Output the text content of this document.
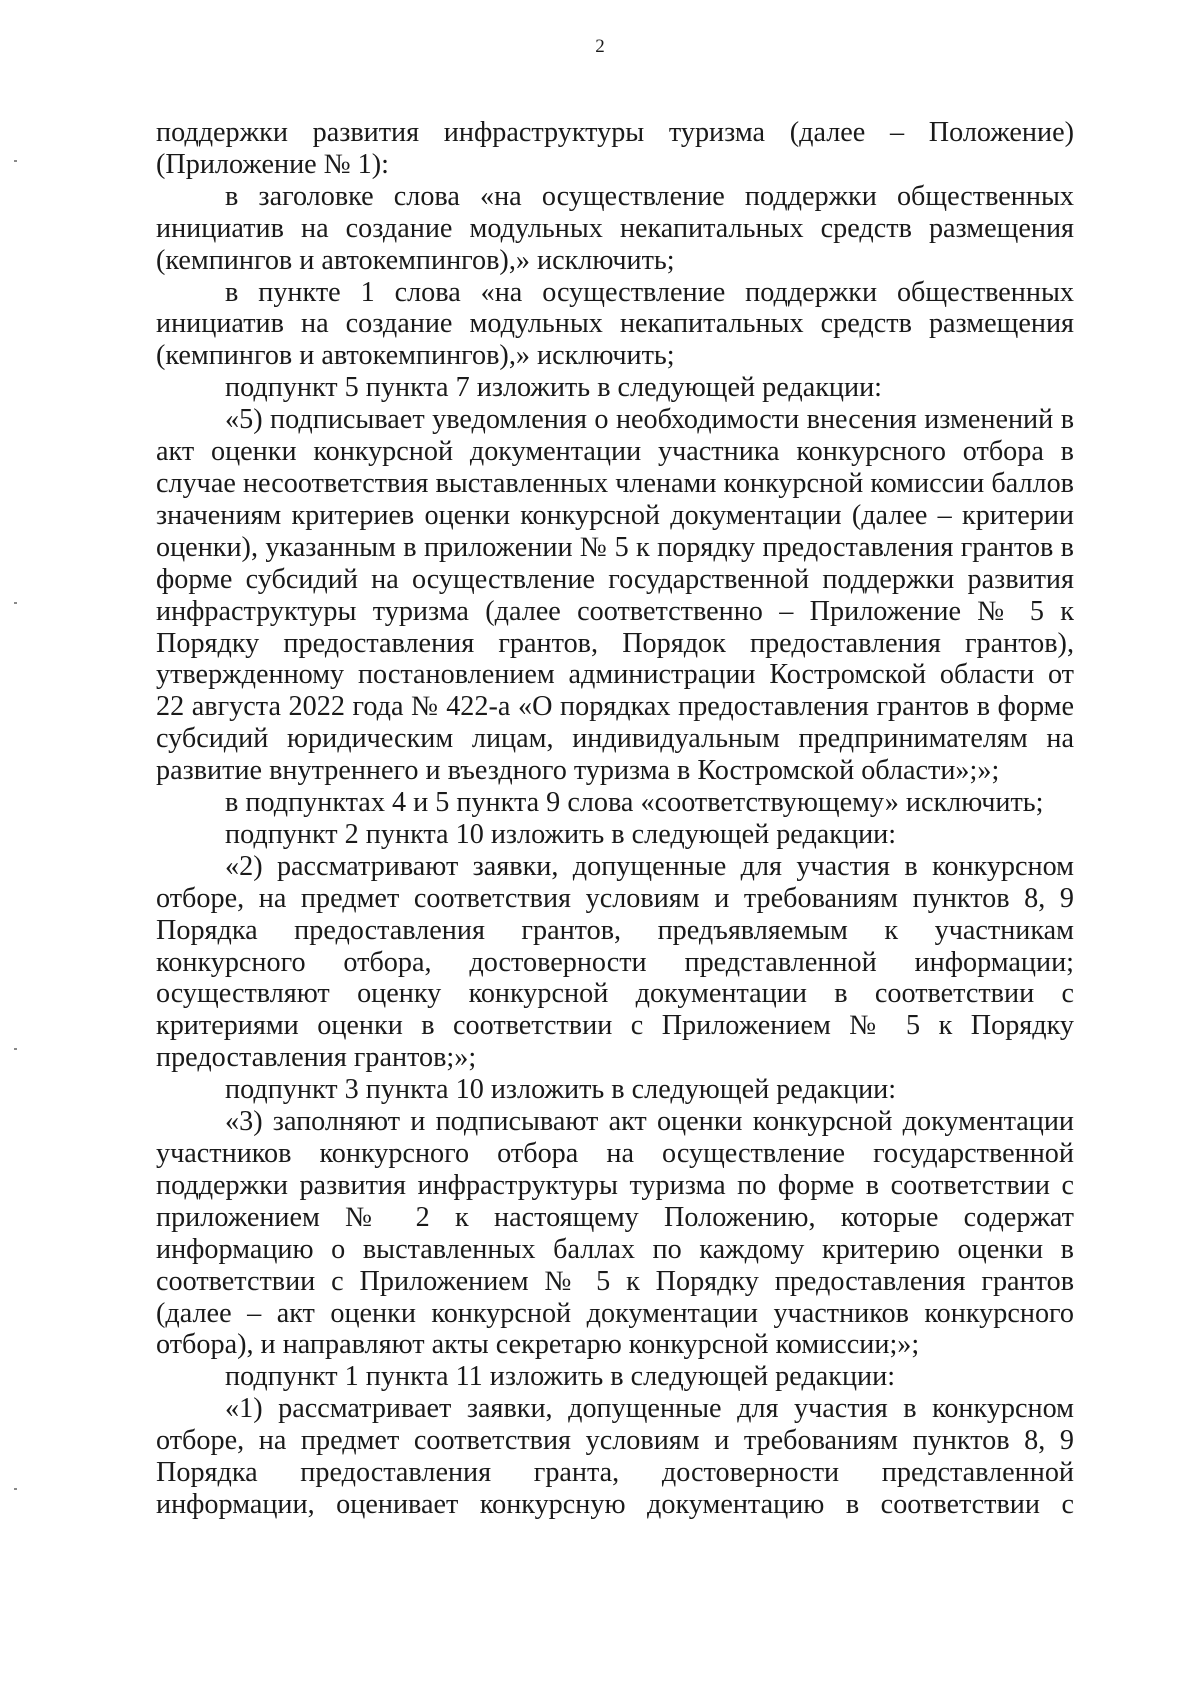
2

поддержки развития инфраструктуры туризма (далее – Положение) (Приложение № 1):

в заголовке слова «на осуществление поддержки общественных инициатив на создание модульных некапитальных средств размещения (кемпингов и автокемпингов),» исключить;

в пункте 1 слова «на осуществление поддержки общественных инициатив на создание модульных некапитальных средств размещения (кемпингов и автокемпингов),» исключить;

подпункт 5 пункта 7 изложить в следующей редакции:

«5) подписывает уведомления о необходимости внесения изменений в акт оценки конкурсной документации участника конкурсного отбора в случае несоответствия выставленных членами конкурсной комиссии баллов значениям критериев оценки конкурсной документации (далее – критерии оценки), указанным в приложении № 5 к порядку предоставления грантов в форме субсидий на осуществление государственной поддержки развития инфраструктуры туризма (далее соответственно – Приложение № 5 к Порядку предоставления грантов, Порядок предоставления грантов), утвержденному постановлением администрации Костромской области от 22 августа 2022 года № 422-а «О порядках предоставления грантов в форме субсидий юридическим лицам, индивидуальным предпринимателям на развитие внутреннего и въездного туризма в Костромской области»;»;

в подпунктах 4 и 5 пункта 9 слова «соответствующему» исключить;

подпункт 2 пункта 10 изложить в следующей редакции:

«2) рассматривают заявки, допущенные для участия в конкурсном отборе, на предмет соответствия условиям и требованиям пунктов 8, 9 Порядка предоставления грантов, предъявляемым к участникам конкурсного отбора, достоверности представленной информации; осуществляют оценку конкурсной документации в соответствии с критериями оценки в соответствии с Приложением № 5 к Порядку предоставления грантов;»;

подпункт 3 пункта 10 изложить в следующей редакции:

«3) заполняют и подписывают акт оценки конкурсной документации участников конкурсного отбора на осуществление государственной поддержки развития инфраструктуры туризма по форме в соответствии с приложением № 2 к настоящему Положению, которые содержат информацию о выставленных баллах по каждому критерию оценки в соответствии с Приложением № 5 к Порядку предоставления грантов (далее – акт оценки конкурсной документации участников конкурсного отбора), и направляют акты секретарю конкурсной комиссии;»;

подпункт 1 пункта 11 изложить в следующей редакции:

«1) рассматривает заявки, допущенные для участия в конкурсном отборе, на предмет соответствия условиям и требованиям пунктов 8, 9 Порядка предоставления гранта, достоверности представленной информации, оценивает конкурсную документацию в соответствии с
